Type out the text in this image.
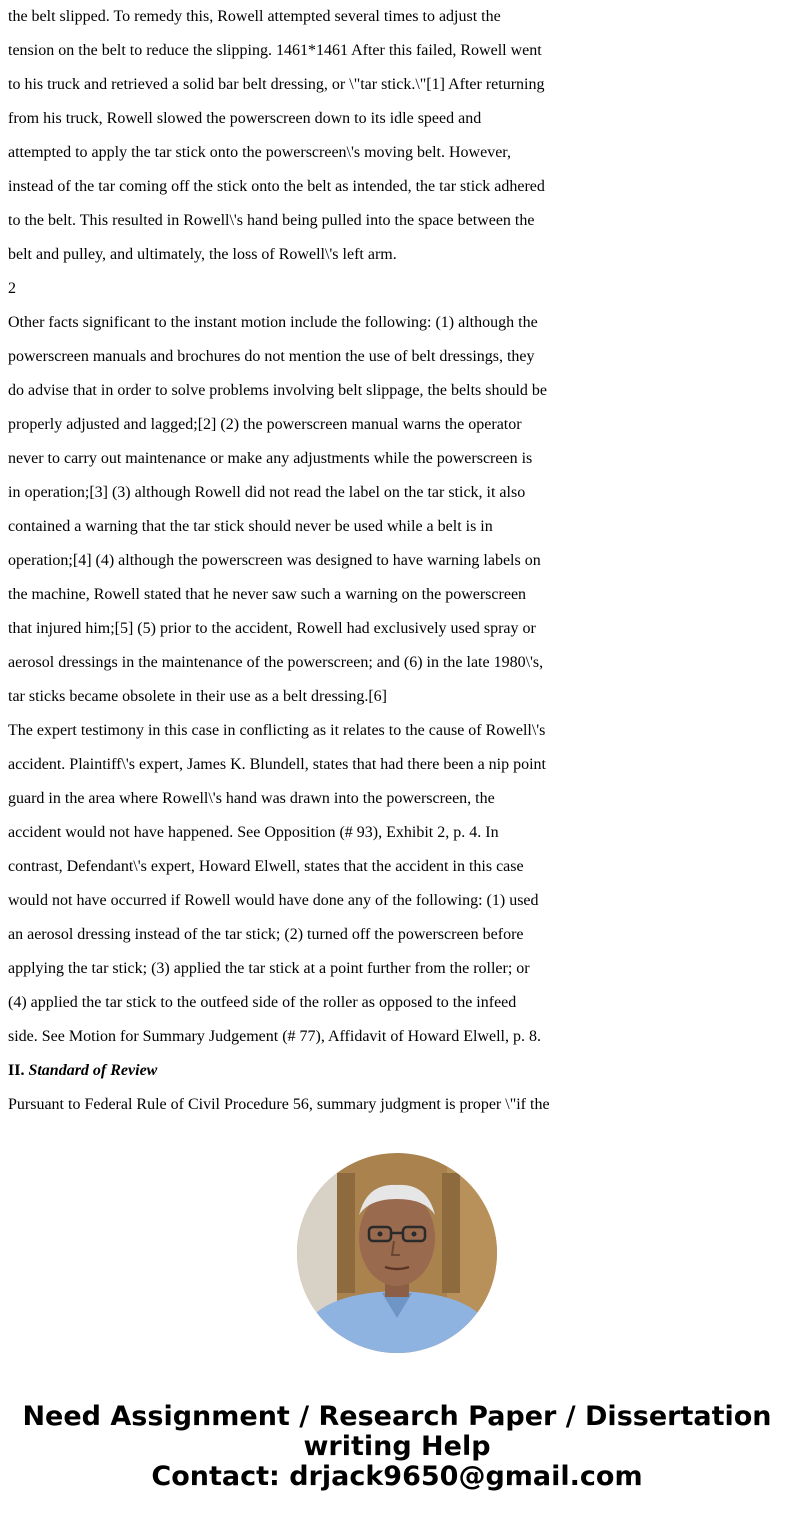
the belt slipped. To remedy this, Rowell attempted several times to adjust the

tension on the belt to reduce the slipping. 1461*1461 After this failed, Rowell went

to his truck and retrieved a solid bar belt dressing, or \"tar stick.\"[1] After returning

from his truck, Rowell slowed the powerscreen down to its idle speed and

attempted to apply the tar stick onto the powerscreen\'s moving belt. However,

instead of the tar coming off the stick onto the belt as intended, the tar stick adhered

to the belt. This resulted in Rowell\'s hand being pulled into the space between the

belt and pulley, and ultimately, the loss of Rowell\'s left arm.

2

Other facts significant to the instant motion include the following: (1) although the

powerscreen manuals and brochures do not mention the use of belt dressings, they

do advise that in order to solve problems involving belt slippage, the belts should be

properly adjusted and lagged;[2] (2) the powerscreen manual warns the operator

never to carry out maintenance or make any adjustments while the powerscreen is

in operation;[3] (3) although Rowell did not read the label on the tar stick, it also

contained a warning that the tar stick should never be used while a belt is in

operation;[4] (4) although the powerscreen was designed to have warning labels on

the machine, Rowell stated that he never saw such a warning on the powerscreen

that injured him;[5] (5) prior to the accident, Rowell had exclusively used spray or

aerosol dressings in the maintenance of the powerscreen; and (6) in the late 1980\'s,

tar sticks became obsolete in their use as a belt dressing.[6]

The expert testimony in this case in conflicting as it relates to the cause of Rowell\'s

accident. Plaintiff\'s expert, James K. Blundell, states that had there been a nip point

guard in the area where Rowell\'s hand was drawn into the powerscreen, the

accident would not have happened. See Opposition (# 93), Exhibit 2, p. 4. In

contrast, Defendant\'s expert, Howard Elwell, states that the accident in this case

would not have occurred if Rowell would have done any of the following: (1) used

an aerosol dressing instead of the tar stick; (2) turned off the powerscreen before

applying the tar stick; (3) applied the tar stick at a point further from the roller; or

(4) applied the tar stick to the outfeed side of the roller as opposed to the infeed

side. See Motion for Summary Judgement (# 77), Affidavit of Howard Elwell, p. 8.

II. Standard of Review

Pursuant to Federal Rule of Civil Procedure 56, summary judgment is proper \"if the

Need Assignment / Research Paper / Dissertation
writing Help
Contact: drjack9650@gmail.com
